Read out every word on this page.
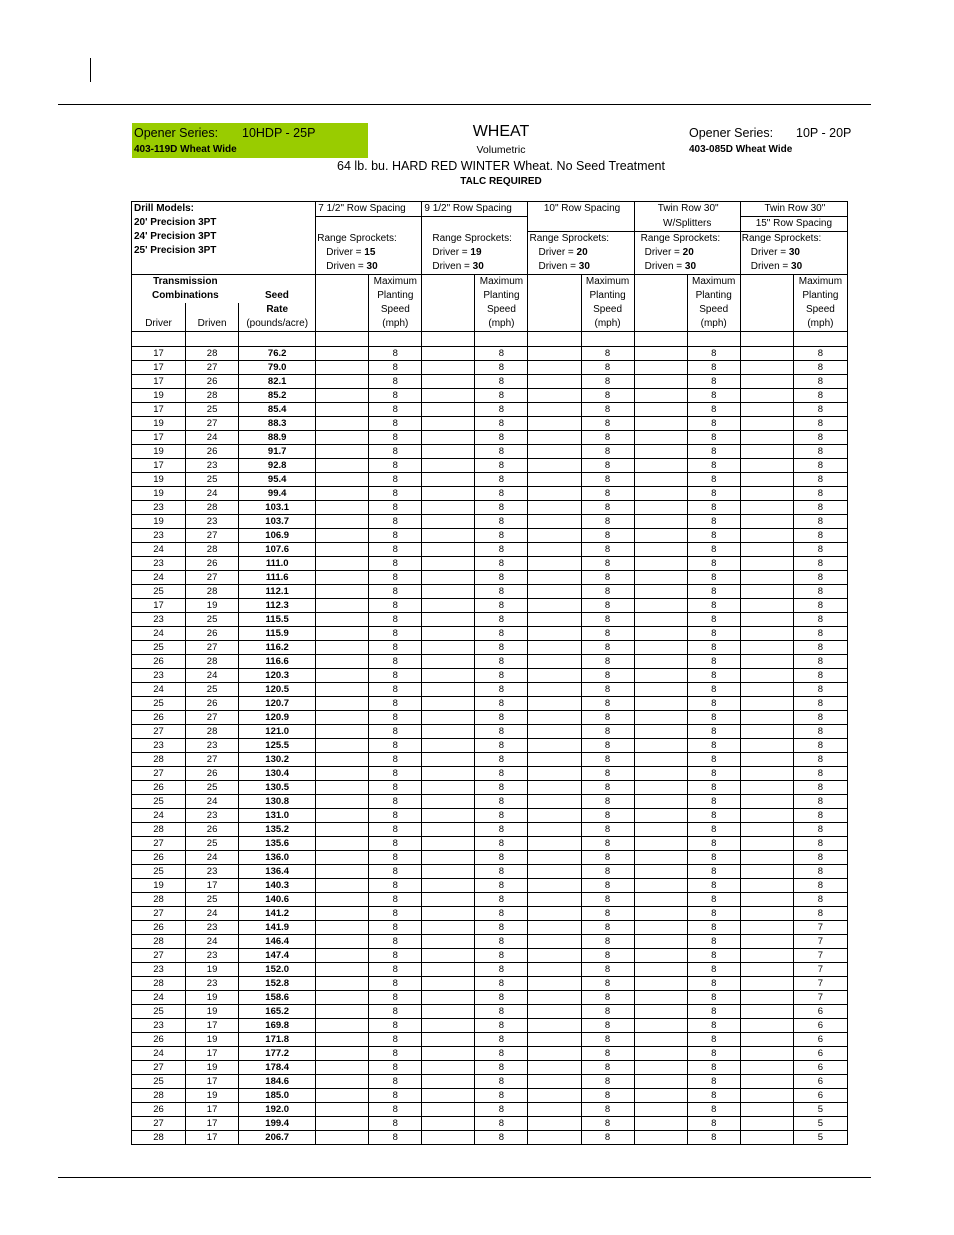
Opener Series: 10HDP - 25P
403-119D Wheat Wide
WHEAT
Volumetric
64 lb. bu. HARD RED WINTER Wheat. No Seed Treatment
TALC REQUIRED
Opener Series: 10P - 20P
403-085D Wheat Wide
Drill Models:
20' Precision 3PT
24' Precision 3PT
25' Precision 3PT			7 1/2" Row Spacing		9 1/2" Row Spacing		10" Row Spacing		Twin Row 30"		Twin Row 30"	
									W/Splitters		15" Row Spacing	
			Range Sprockets:		Range Sprockets:		Range Sprockets:		Range Sprockets:		Range Sprockets:	
			Driver = 15		Driver = 19		Driver = 20		Driver = 20		Driver = 30	
			Driven = 30		Driven = 30		Driven = 30		Driven = 30		Driven = 30	
Transmission				Maximum		Maximum		Maximum		Maximum		Maximum
Combinations		Seed		Planting		Planting		Planting		Planting		Planting
		Rate		Speed		Speed		Speed		Speed		Speed
Driver	Driven	(pounds/acre)		(mph)		(mph)		(mph)		(mph)		(mph)

17	28	76.2		8		8		8		8		8
17	27	79.0		8		8		8		8		8
17	26	82.1		8		8		8		8		8
19	28	85.2		8		8		8		8		8
17	25	85.4		8		8		8		8		8
19	27	88.3		8		8		8		8		8
17	24	88.9		8		8		8		8		8
19	26	91.7		8		8		8		8		8
17	23	92.8		8		8		8		8		8
19	25	95.4		8		8		8		8		8
19	24	99.4		8		8		8		8		8
23	28	103.1		8		8		8		8		8
19	23	103.7		8		8		8		8		8
23	27	106.9		8		8		8		8		8
24	28	107.6		8		8		8		8		8
23	26	111.0		8		8		8		8		8
24	27	111.6		8		8		8		8		8
25	28	112.1		8		8		8		8		8
17	19	112.3		8		8		8		8		8
23	25	115.5		8		8		8		8		8
24	26	115.9		8		8		8		8		8
25	27	116.2		8		8		8		8		8
26	28	116.6		8		8		8		8		8
23	24	120.3		8		8		8		8		8
24	25	120.5		8		8		8		8		8
25	26	120.7		8		8		8		8		8
26	27	120.9		8		8		8		8		8
27	28	121.0		8		8		8		8		8
23	23	125.5		8		8		8		8		8
28	27	130.2		8		8		8		8		8
27	26	130.4		8		8		8		8		8
26	25	130.5		8		8		8		8		8
25	24	130.8		8		8		8		8		8
24	23	131.0		8		8		8		8		8
28	26	135.2		8		8		8		8		8
27	25	135.6		8		8		8		8		8
26	24	136.0		8		8		8		8		8
25	23	136.4		8		8		8		8		8
19	17	140.3		8		8		8		8		8
28	25	140.6		8		8		8		8		8
27	24	141.2		8		8		8		8		8
26	23	141.9		8		8		8		8		7
28	24	146.4		8		8		8		8		7
27	23	147.4		8		8		8		8		7
23	19	152.0		8		8		8		8		7
28	23	152.8		8		8		8		8		7
24	19	158.6		8		8		8		8		7
25	19	165.2		8		8		8		8		6
23	17	169.8		8		8		8		8		6
26	19	171.8		8		8		8		8		6
24	17	177.2		8		8		8		8		6
27	19	178.4		8		8		8		8		6
25	17	184.6		8		8		8		8		6
28	19	185.0		8		8		8		8		6
26	17	192.0		8		8		8		8		5
27	17	199.4		8		8		8		8		5
28	17	206.7		8		8		8		8		5
